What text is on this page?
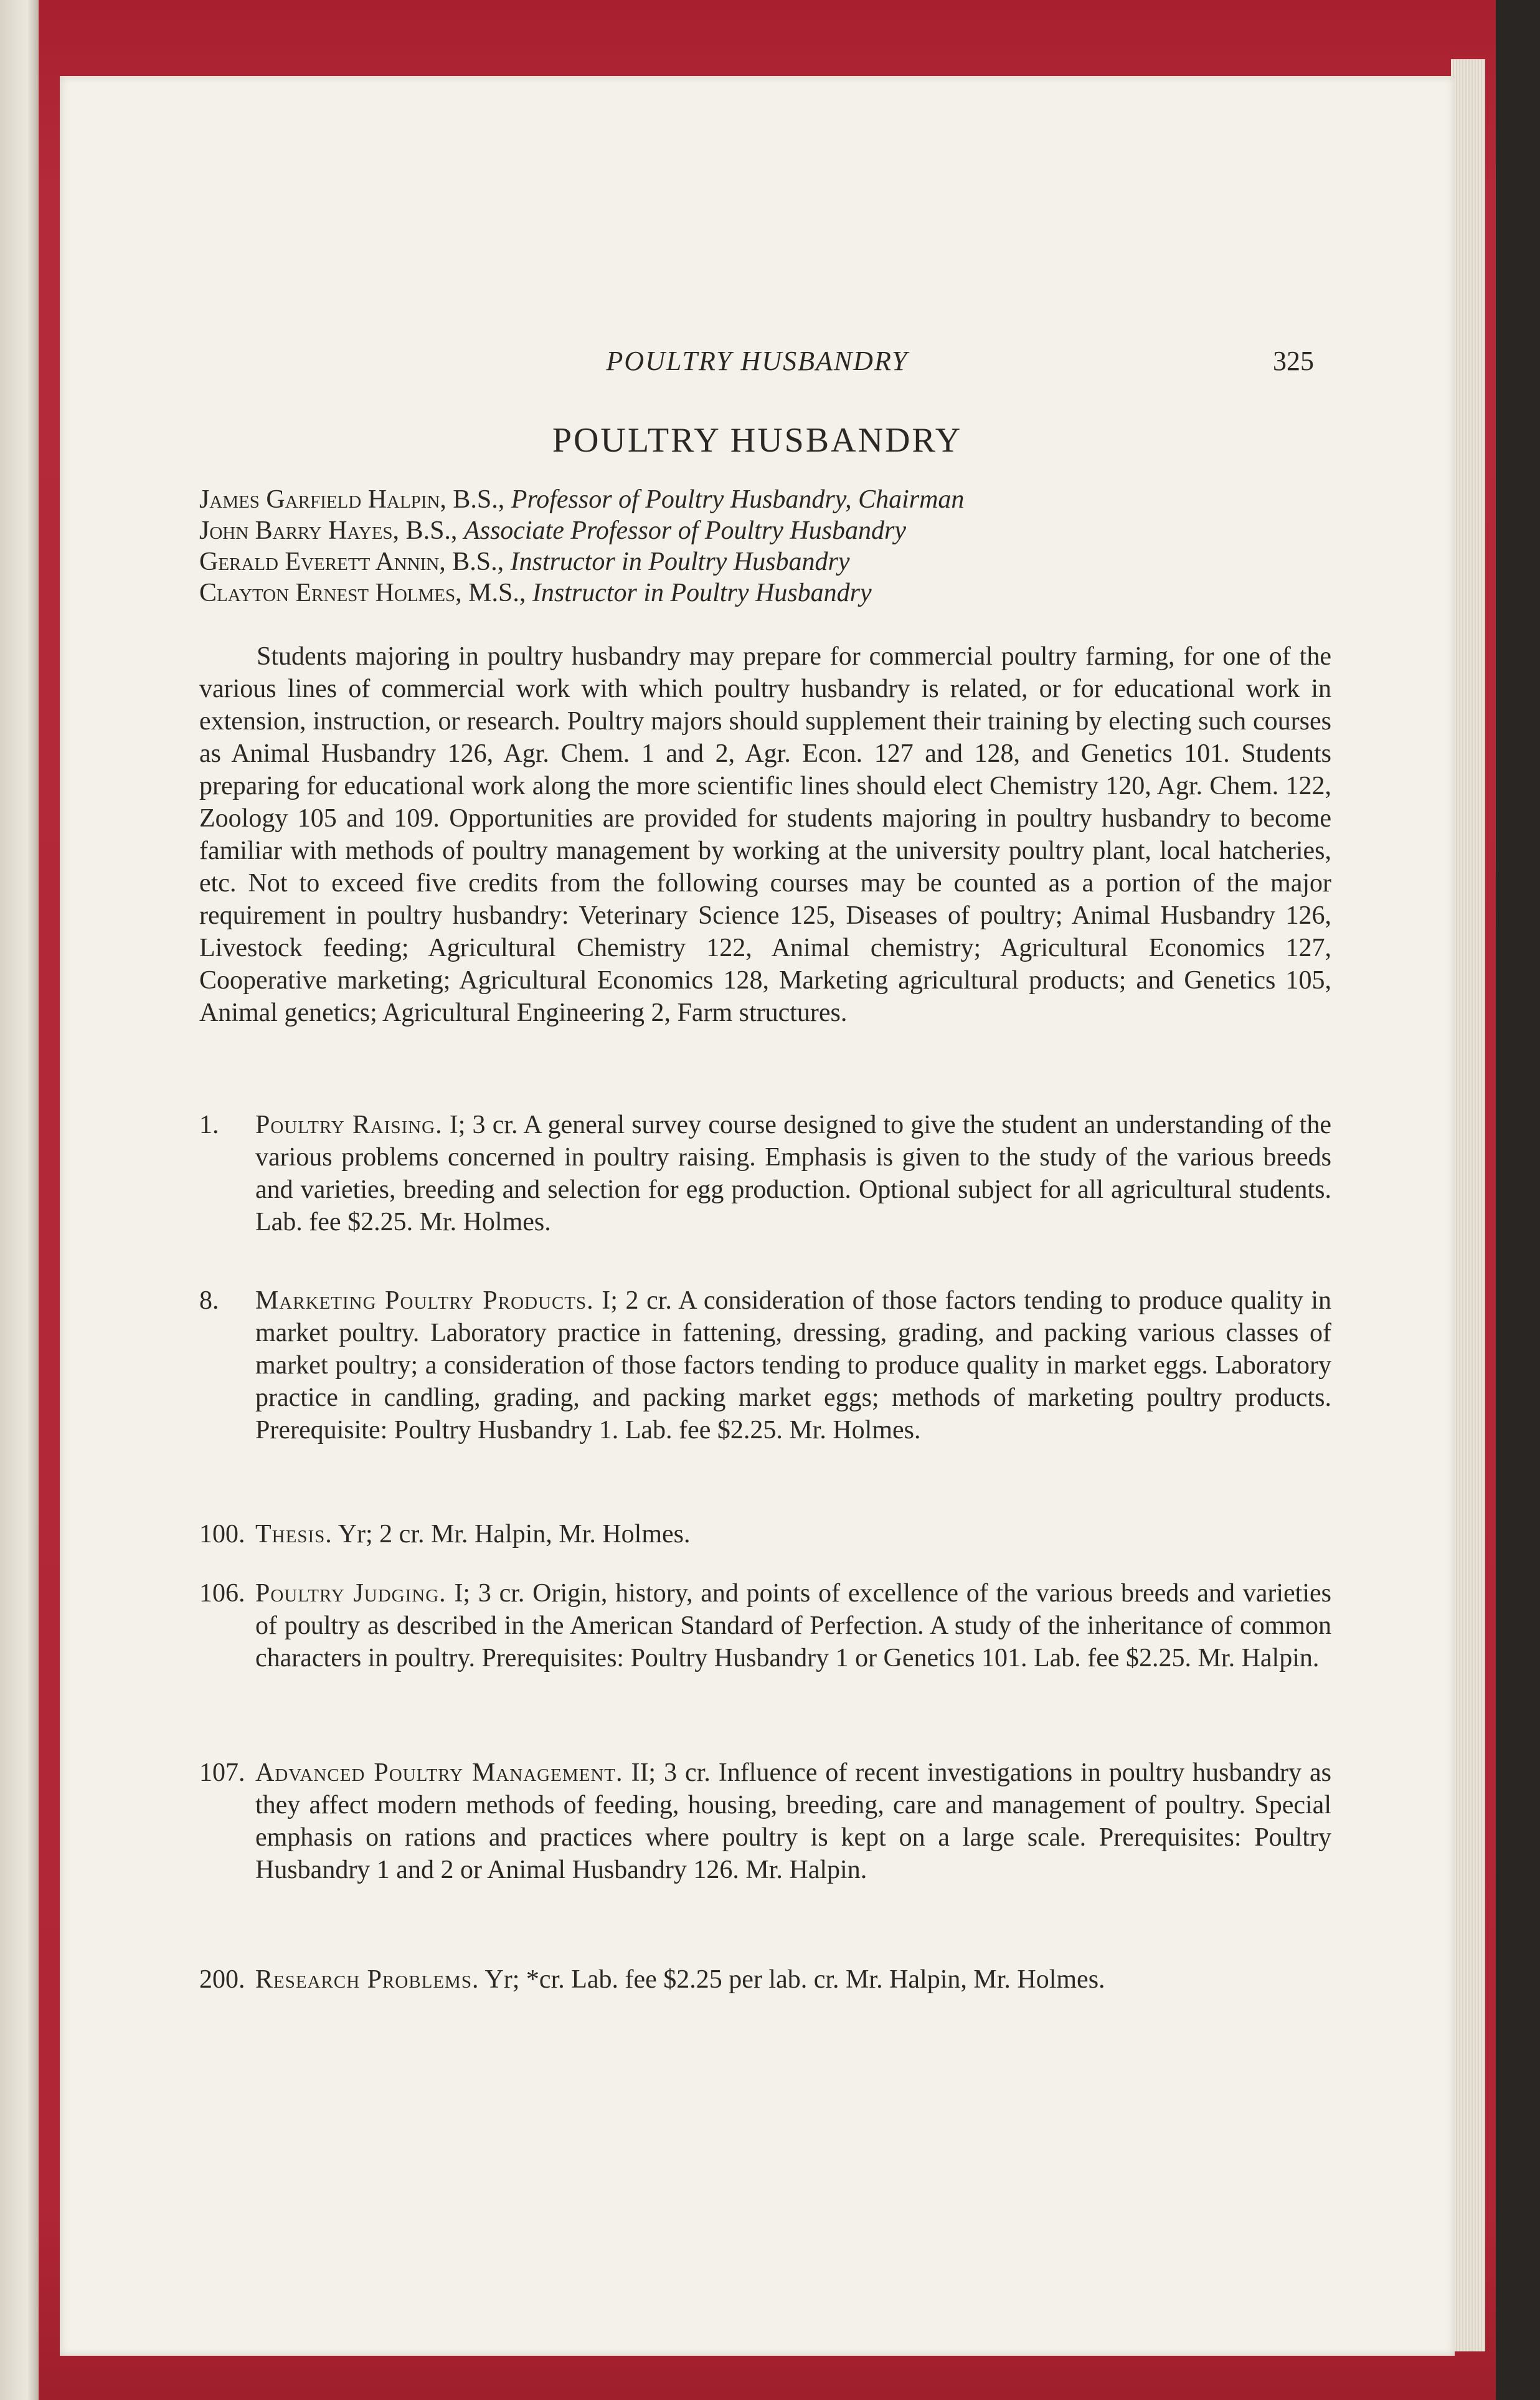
POULTRY HUSBANDRY	325
POULTRY HUSBANDRY
James Garfield Halpin, B.S., Professor of Poultry Husbandry, Chairman
John Barry Hayes, B.S., Associate Professor of Poultry Husbandry
Gerald Everett Annin, B.S., Instructor in Poultry Husbandry
Clayton Ernest Holmes, M.S., Instructor in Poultry Husbandry

Students majoring in poultry husbandry may prepare for commercial poultry farming, for one of the various lines of commercial work with which poultry husbandry is related, or for educational work in extension, instruction, or research. Poultry majors should supplement their training by electing such courses as Animal Husbandry 126, Agr. Chem. 1 and 2, Agr. Econ. 127 and 128, and Genetics 101. Students preparing for educational work along the more scientific lines should elect Chemistry 120, Agr. Chem. 122, Zoology 105 and 109. Opportunities are provided for students majoring in poultry husbandry to become familiar with methods of poultry management by working at the university poultry plant, local hatcheries, etc. Not to exceed five credits from the following courses may be counted as a portion of the major requirement in poultry husbandry: Veterinary Science 125, Diseases of poultry; Animal Husbandry 126, Livestock feeding; Agricultural Chemistry 122, Animal chemistry; Agricultural Economics 127, Cooperative marketing; Agricultural Economics 128, Marketing agricultural products; and Genetics 105, Animal genetics; Agricultural Engineering 2, Farm structures.

1. Poultry Raising. I; 3 cr. A general survey course designed to give the student an understanding of the various problems concerned in poultry raising. Emphasis is given to the study of the various breeds and varieties, breeding and selection for egg production. Optional subject for all agricultural students. Lab. fee $2.25. Mr. Holmes.

8. Marketing Poultry Products. I; 2 cr. A consideration of those factors tending to produce quality in market poultry. Laboratory practice in fattening, dressing, grading, and packing various classes of market poultry; a consideration of those factors tending to produce quality in market eggs. Laboratory practice in candling, grading, and packing market eggs; methods of marketing poultry products. Prerequisite: Poultry Husbandry 1. Lab. fee $2.25. Mr. Holmes.

100. Thesis. Yr; 2 cr. Mr. Halpin, Mr. Holmes.

106. Poultry Judging. I; 3 cr. Origin, history, and points of excellence of the various breeds and varieties of poultry as described in the American Standard of Perfection. A study of the inheritance of common characters in poultry. Prerequisites: Poultry Husbandry 1 or Genetics 101. Lab. fee $2.25. Mr. Halpin.

107. Advanced Poultry Management. II; 3 cr. Influence of recent investigations in poultry husbandry as they affect modern methods of feeding, housing, breeding, care and management of poultry. Special emphasis on rations and practices where poultry is kept on a large scale. Prerequisites: Poultry Husbandry 1 and 2 or Animal Husbandry 126. Mr. Halpin.

200. Research Problems. Yr; *cr. Lab. fee $2.25 per lab. cr. Mr. Halpin, Mr. Holmes.
